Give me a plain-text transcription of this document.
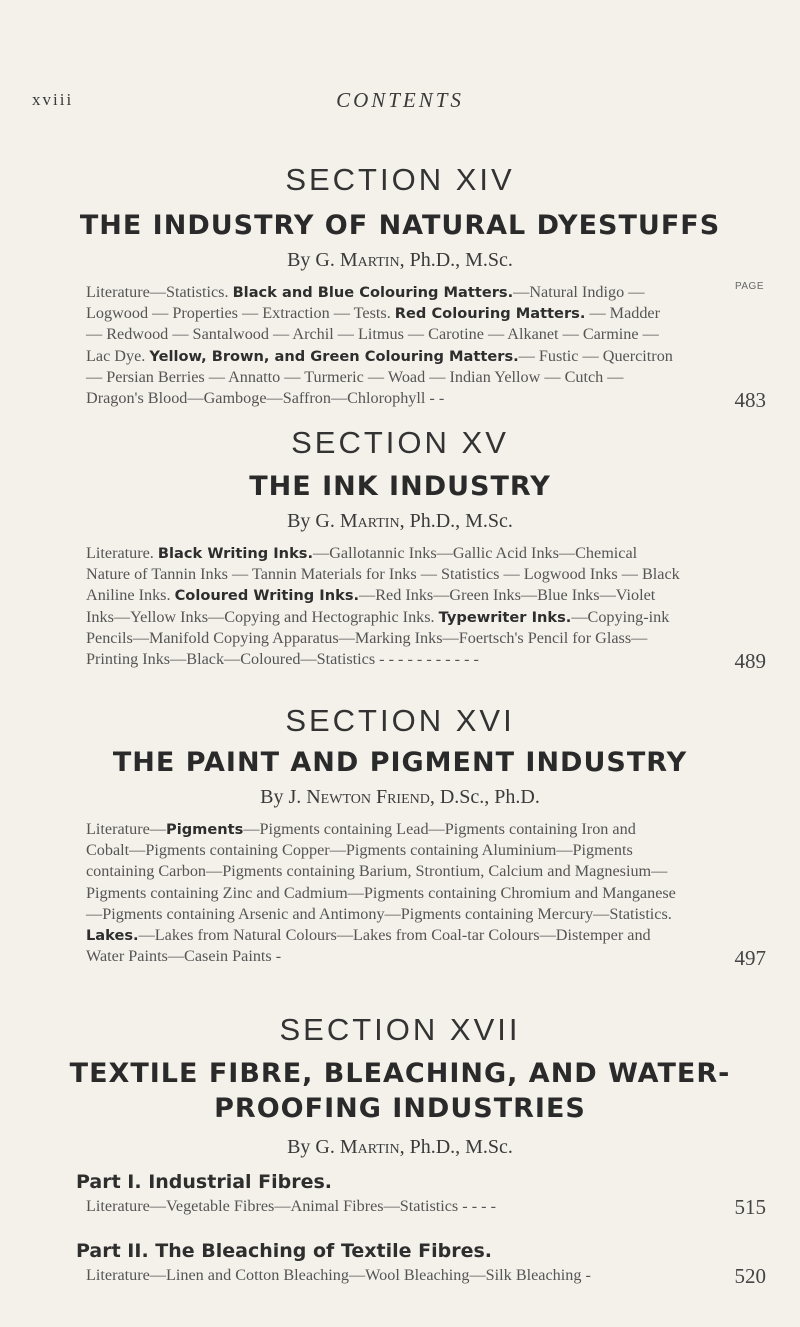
xviii	CONTENTS
SECTION XIV
THE INDUSTRY OF NATURAL DYESTUFFS
By G. Martin, Ph.D., M.Sc.
PAGE
Literature—Statistics. Black and Blue Colouring Matters.—Natural Indigo — Logwood — Properties — Extraction — Tests. Red Colouring Matters. — Madder — Redwood — Santalwood — Archil — Litmus — Carotine — Alkanet — Carmine — Lac Dye. Yellow, Brown, and Green Colouring Matters.— Fustic — Quercitron — Persian Berries — Annatto — Turmeric — Woad — Indian Yellow — Cutch — Dragon's Blood—Gamboge—Saffron—Chlorophyll - -	483
SECTION XV
THE INK INDUSTRY
By G. Martin, Ph.D., M.Sc.
Literature. Black Writing Inks.—Gallotannic Inks—Gallic Acid Inks—Chemical Nature of Tannin Inks — Tannin Materials for Inks — Statistics — Logwood Inks — Black Aniline Inks. Coloured Writing Inks.—Red Inks—Green Inks—Blue Inks—Violet Inks—Yellow Inks—Copying and Hectographic Inks. Typewriter Inks.—Copying-ink Pencils—Manifold Copying Apparatus—Marking Inks—Foertsch's Pencil for Glass—Printing Inks—Black—Coloured—Statistics - - - - - - - - - - -	489
SECTION XVI
THE PAINT AND PIGMENT INDUSTRY
By J. Newton Friend, D.Sc., Ph.D.
Literature—Pigments—Pigments containing Lead—Pigments containing Iron and Cobalt—Pigments containing Copper—Pigments containing Aluminium—Pigments containing Carbon—Pigments containing Barium, Strontium, Calcium and Magnesium—Pigments containing Zinc and Cadmium—Pigments containing Chromium and Manganese—Pigments containing Arsenic and Antimony—Pigments containing Mercury—Statistics. Lakes.—Lakes from Natural Colours—Lakes from Coal-tar Colours—Distemper and Water Paints—Casein Paints -	497
SECTION XVII
TEXTILE FIBRE, BLEACHING, AND WATER-
PROOFING INDUSTRIES
By G. Martin, Ph.D., M.Sc.
Part I. Industrial Fibres.
Literature—Vegetable Fibres—Animal Fibres—Statistics - - - -	515
Part II. The Bleaching of Textile Fibres.
Literature—Linen and Cotton Bleaching—Wool Bleaching—Silk Bleaching -	520
